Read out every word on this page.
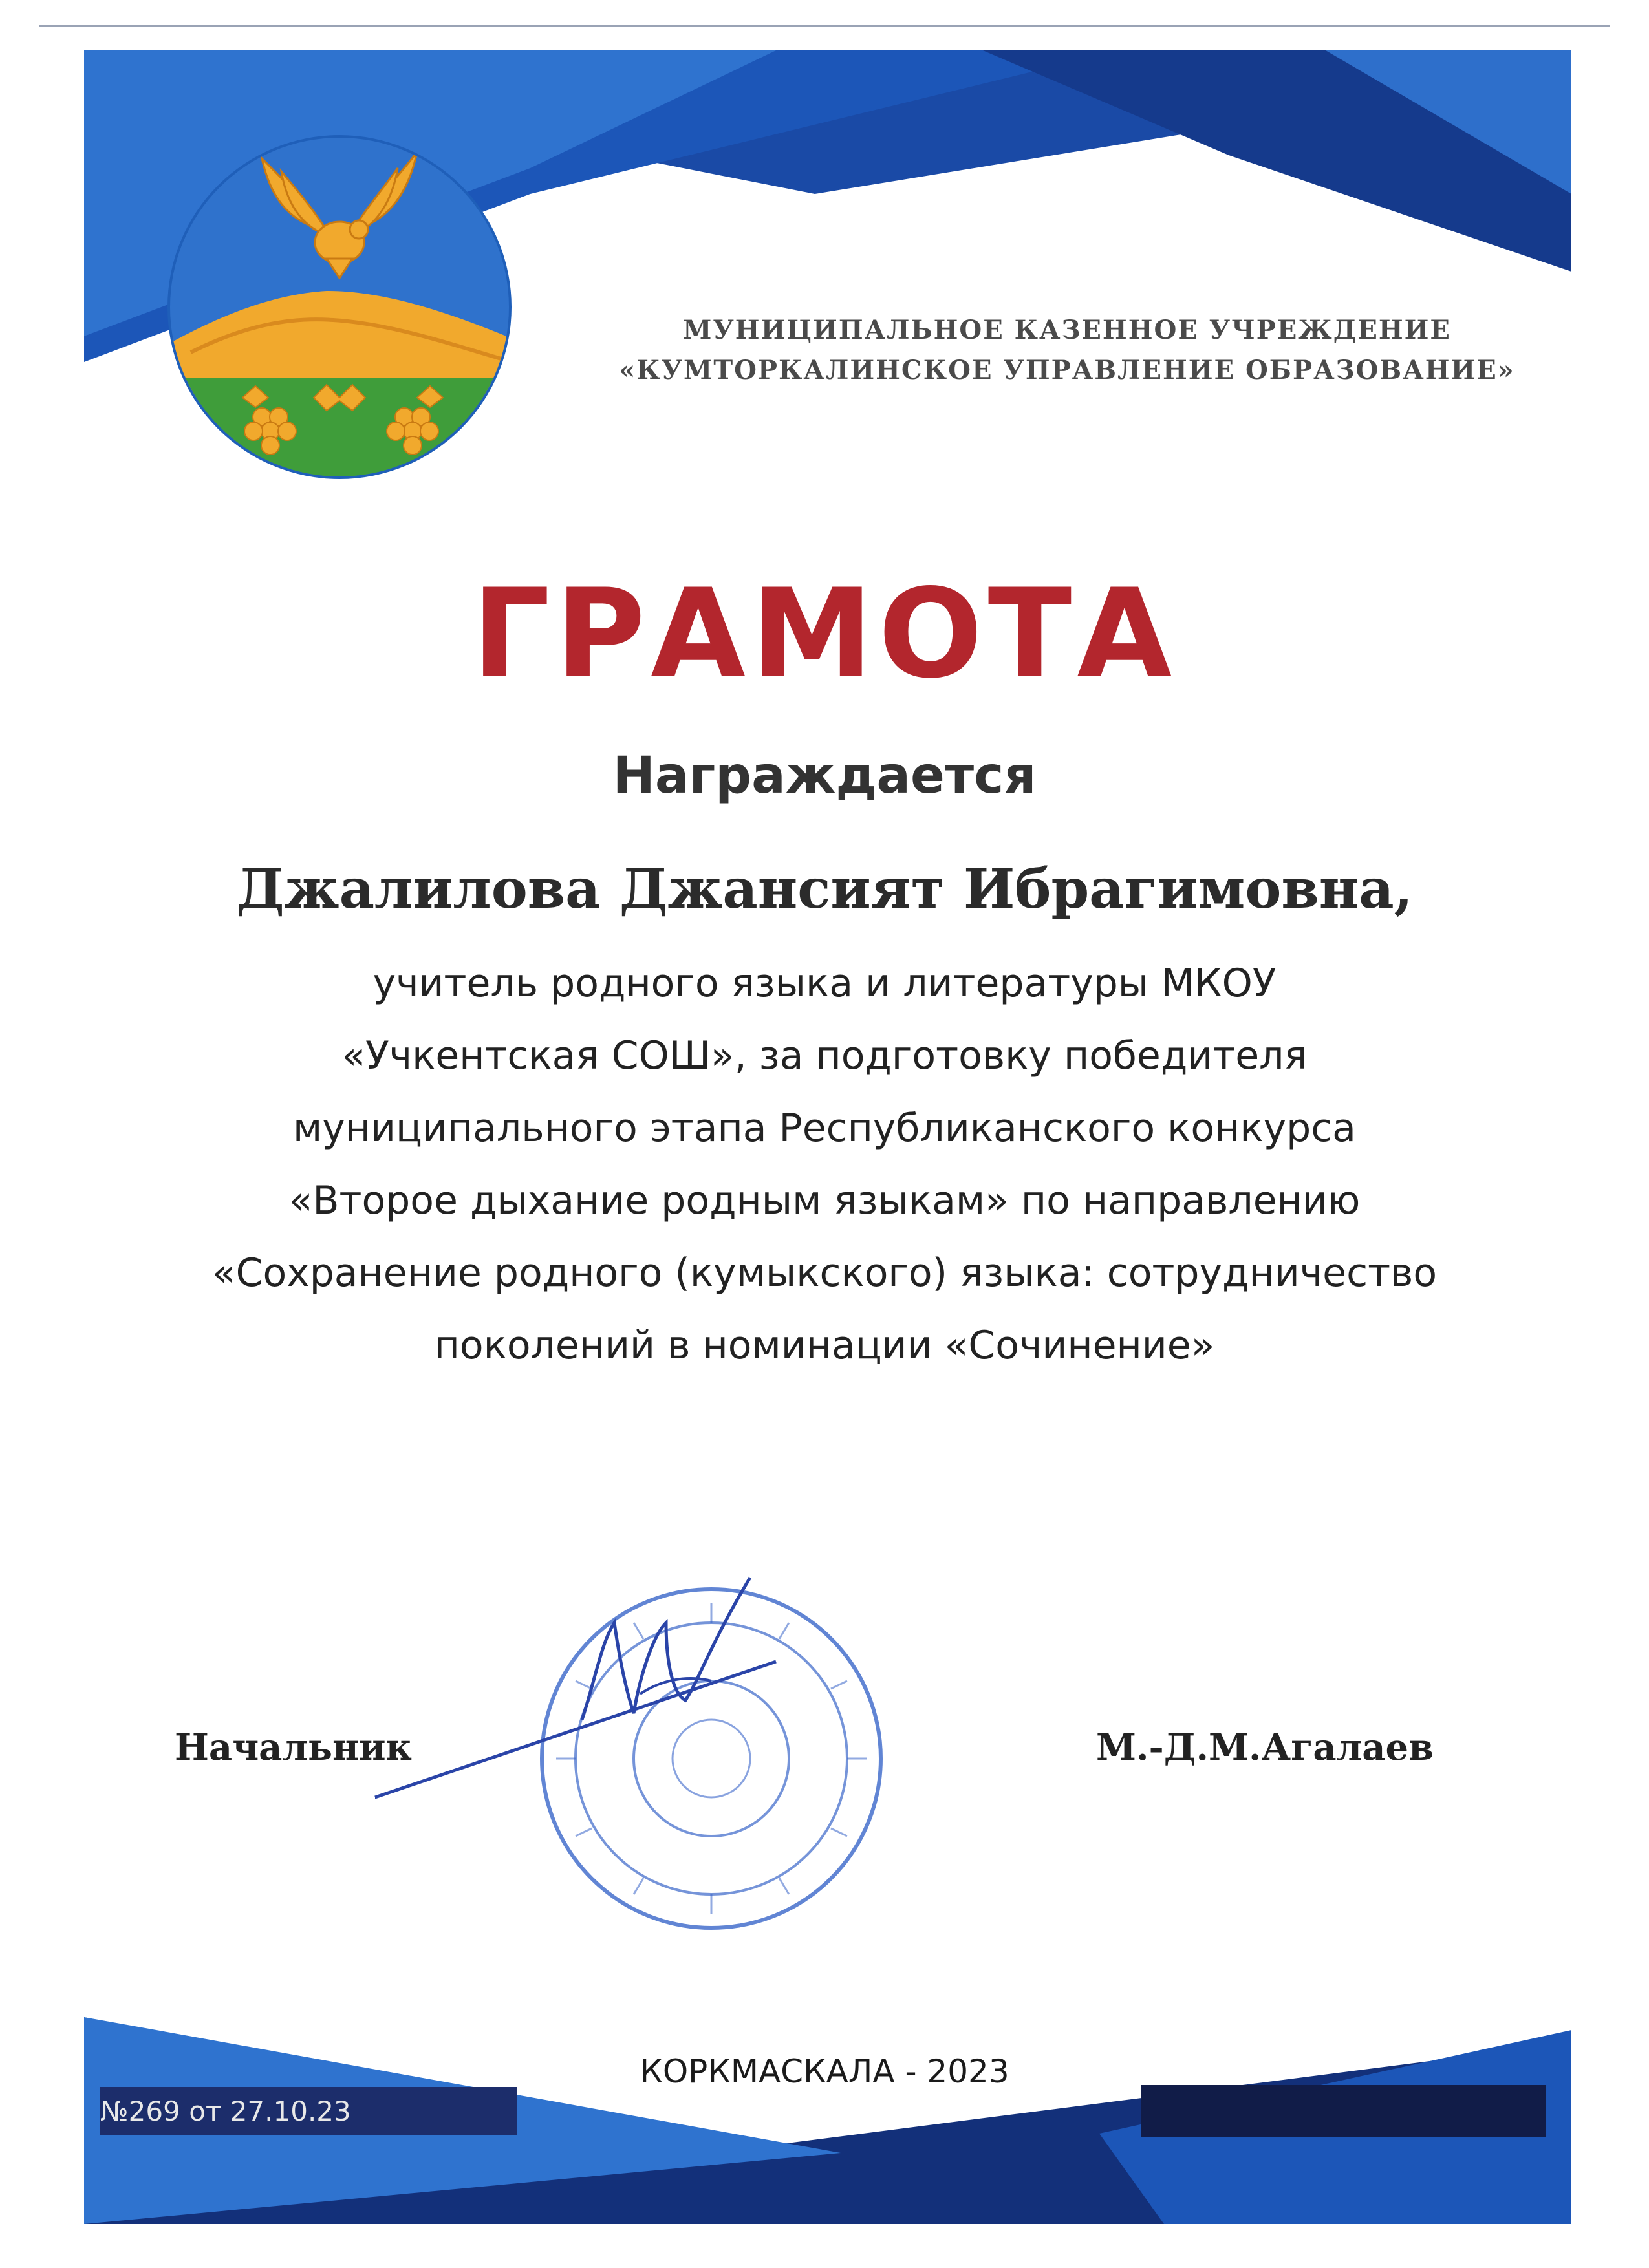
МУНИЦИПАЛЬНОЕ КАЗЕННОЕ УЧРЕЖДЕНИЕ
«КУМТОРКАЛИНСКОЕ УПРАВЛЕНИЕ ОБРАЗОВАНИЕ»
ГРАМОТА
Награждается
Джалилова Джансият Ибрагимовна,
учитель родного языка и литературы МКОУ
«Учкентская СОШ», за подготовку победителя
муниципального этапа Республиканского конкурса
«Второе дыхание родным языкам» по направлению
«Сохранение родного (кумыкского) языка: сотрудничество
поколений в номинации «Сочинение»
Начальник	М.-Д.М.Агалаев
КОРКМАСКАЛА - 2023
№269 от 27.10.23
